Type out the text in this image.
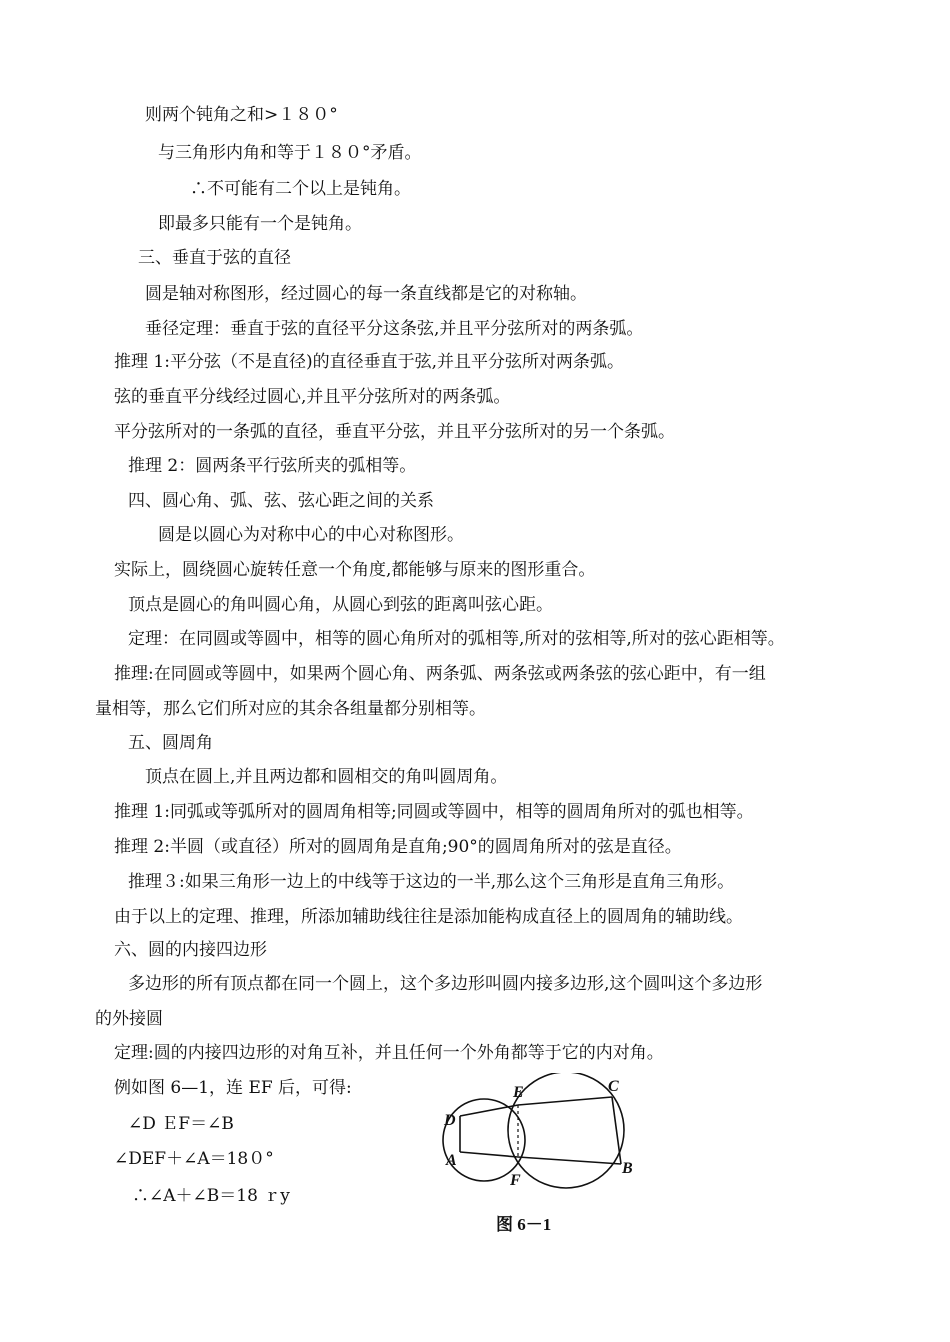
则两个钝角之和>１８０°
与三角形内角和等于１８０°矛盾。
∴不可能有二个以上是钝角。
即最多只能有一个是钝角。
三、垂直于弦的直径
圆是轴对称图形，经过圆心的每一条直线都是它的对称轴。
垂径定理：垂直于弦的直径平分这条弦,并且平分弦所对的两条弧。
推理 1:平分弦（不是直径)的直径垂直于弦,并且平分弦所对两条弧。
弦的垂直平分线经过圆心,并且平分弦所对的两条弧。
平分弦所对的一条弧的直径，垂直平分弦，并且平分弦所对的另一个条弧。
推理 2：圆两条平行弦所夹的弧相等。
四、圆心角、弧、弦、弦心距之间的关系
圆是以圆心为对称中心的中心对称图形。
实际上，圆绕圆心旋转任意一个角度,都能够与原来的图形重合。
顶点是圆心的角叫圆心角，从圆心到弦的距离叫弦心距。
定理：在同圆或等圆中，相等的圆心角所对的弧相等,所对的弦相等,所对的弦心距相等。
推理:在同圆或等圆中，如果两个圆心角、两条弧、两条弦或两条弦的弦心距中，有一组
量相等，那么它们所对应的其余各组量都分别相等。
五、圆周角
顶点在圆上,并且两边都和圆相交的角叫圆周角。
推理 1:同弧或等弧所对的圆周角相等;同圆或等圆中，相等的圆周角所对的弧也相等。
推理 2:半圆（或直径）所对的圆周角是直角;90°的圆周角所对的弦是直径。
推理３:如果三角形一边上的中线等于这边的一半,那么这个三角形是直角三角形。
由于以上的定理、推理，所添加辅助线往往是添加能构成直径上的圆周角的辅助线。
六、圆的内接四边形
多边形的所有顶点都在同一个圆上，这个多边形叫圆内接多边形,这个圆叫这个多边形
的外接圆
定理:圆的内接四边形的对角互补，并且任何一个外角都等于它的内对角。
例如图 6—1，连 EF 后，可得:
∠D ＥF＝∠B
∠DEF＋∠A＝18０°
∴∠A＋∠B＝18 ｒy
D
E	C
A
F
B
图 6－1
